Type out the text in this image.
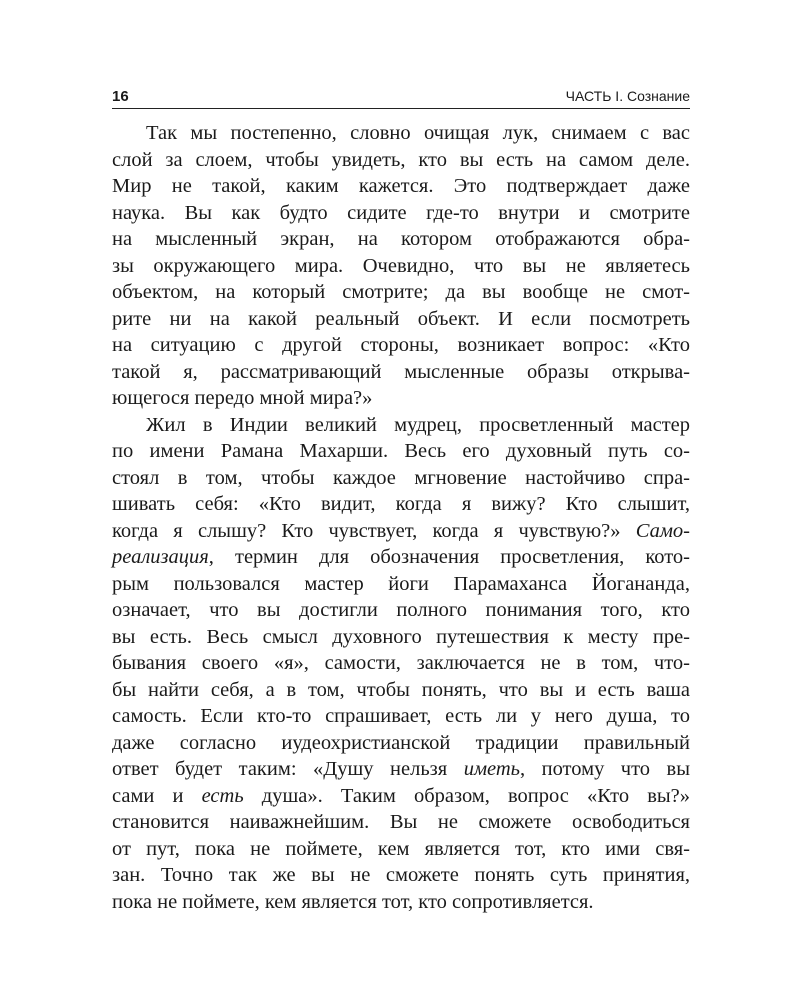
16	ЧАСТЬ I. Сознание
Так мы постепенно, словно очищая лук, снимаем с вас
слой за слоем, чтобы увидеть, кто вы есть на самом деле.
Мир не такой, каким кажется. Это подтверждает даже
наука. Вы как будто сидите где-то внутри и смотрите
на мысленный экран, на котором отображаются обра-
зы окружающего мира. Очевидно, что вы не являетесь
объектом, на который смотрите; да вы вообще не смот-
рите ни на какой реальный объект. И если посмотреть
на ситуацию с другой стороны, возникает вопрос: «Кто
такой я, рассматривающий мысленные образы открыва-
ющегося передо мной мира?»
Жил в Индии великий мудрец, просветленный мастер
по имени Рамана Махарши. Весь его духовный путь со-
стоял в том, чтобы каждое мгновение настойчиво спра-
шивать себя: «Кто видит, когда я вижу? Кто слышит,
когда я слышу? Кто чувствует, когда я чувствую?» Само-
реализация, термин для обозначения просветления, кото-
рым пользовался мастер йоги Парамаханса Йогананда,
означает, что вы достигли полного понимания того, кто
вы есть. Весь смысл духовного путешествия к месту пре-
бывания своего «я», самости, заключается не в том, что-
бы найти себя, а в том, чтобы понять, что вы и есть ваша
самость. Если кто-то спрашивает, есть ли у него душа, то
даже согласно иудеохристианской традиции правильный
ответ будет таким: «Душу нельзя иметь, потому что вы
сами и есть душа». Таким образом, вопрос «Кто вы?»
становится наиважнейшим. Вы не сможете освободиться
от пут, пока не поймете, кем является тот, кто ими свя-
зан. Точно так же вы не сможете понять суть принятия,
пока не поймете, кем является тот, кто сопротивляется.
